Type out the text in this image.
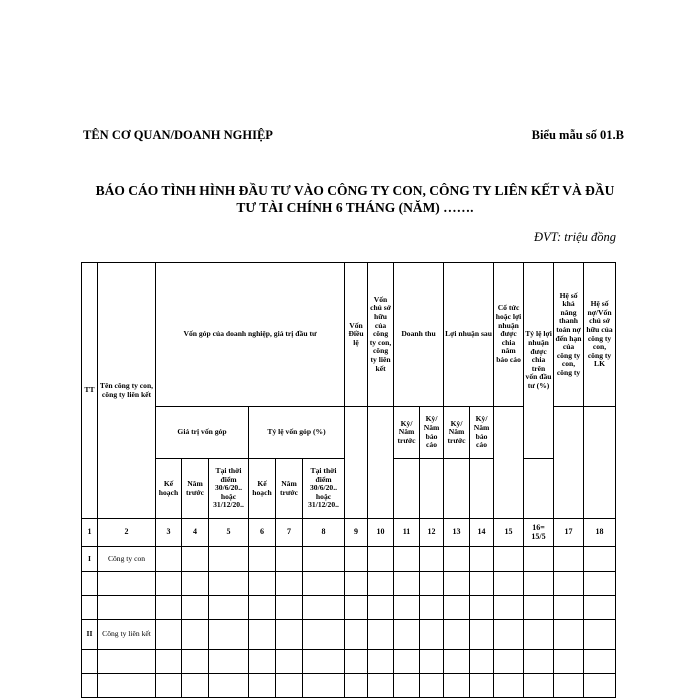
TÊN CƠ QUAN/DOANH NGHIỆP	Biểu mẫu số 01.B
BÁO CÁO TÌNH HÌNH ĐẦU TƯ VÀO CÔNG TY CON, CÔNG TY LIÊN KẾT VÀ ĐẦU
TƯ TÀI CHÍNH 6 THÁNG (NĂM) …….
ĐVT: triệu đồng
TT	Tên công ty con, công ty liên kết	Vốn góp của doanh nghiệp, giá trị đầu tư						Vốn Điều lệ	Vốn chủ sở hữu của công ty con, công ty liên kết	Doanh thu		Lợi nhuận sau		Cổ tức hoặc lợi nhuận được chia năm báo cáo	Tỷ lệ lợi nhuận được chia trên vốn đầu tư (%)	Hệ số khả năng thanh toán nợ đến hạn của công ty con, công ty	Hệ số nợ/Vốn chủ sở hữu của công ty con, công ty LK
		Giá trị vốn góp			Tỷ lệ vốn góp (%)					Kỳ/ Năm trước	Kỳ/ Năm báo cáo	Kỳ/ Năm trước	Kỳ/ Năm báo cáo				
		Kế hoạch	Năm trước	Tại thời điểm 30/6/20.. hoặc 31/12/20..	Kế hoạch	Năm trước	Tại thời điểm 30/6/20.. hoặc 31/12/20..										
1	2	3	4	5	6	7	8	9	10	11	12	13	14	15	16= 15/5	17	18
I	Công ty con																

II	Công ty liên kết																
